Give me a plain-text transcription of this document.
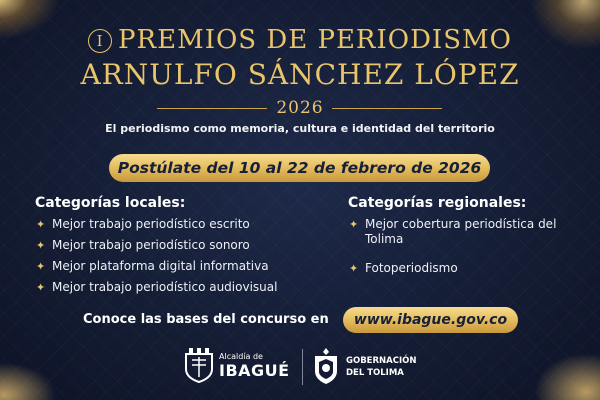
I PREMIOS DE PERIODISMO
ARNULFO SÁNCHEZ LÓPEZ
2026
El periodismo como memoria, cultura e identidad del territorio
Postúlate del 10 al 22 de febrero de 2026
Categorías locales:
✦ Mejor trabajo periodístico escrito
✦ Mejor trabajo periodístico sonoro
✦ Mejor plataforma digital informativa
✦ Mejor trabajo periodístico audiovisual
Categorías regionales:
✦ Mejor cobertura periodística del Tolima
✦ Fotoperiodismo
Conoce las bases del concurso en	www.ibague.gov.co
Alcaldía de
IBAGUÉ	GOBERNACIÓN
DEL TOLIMA
